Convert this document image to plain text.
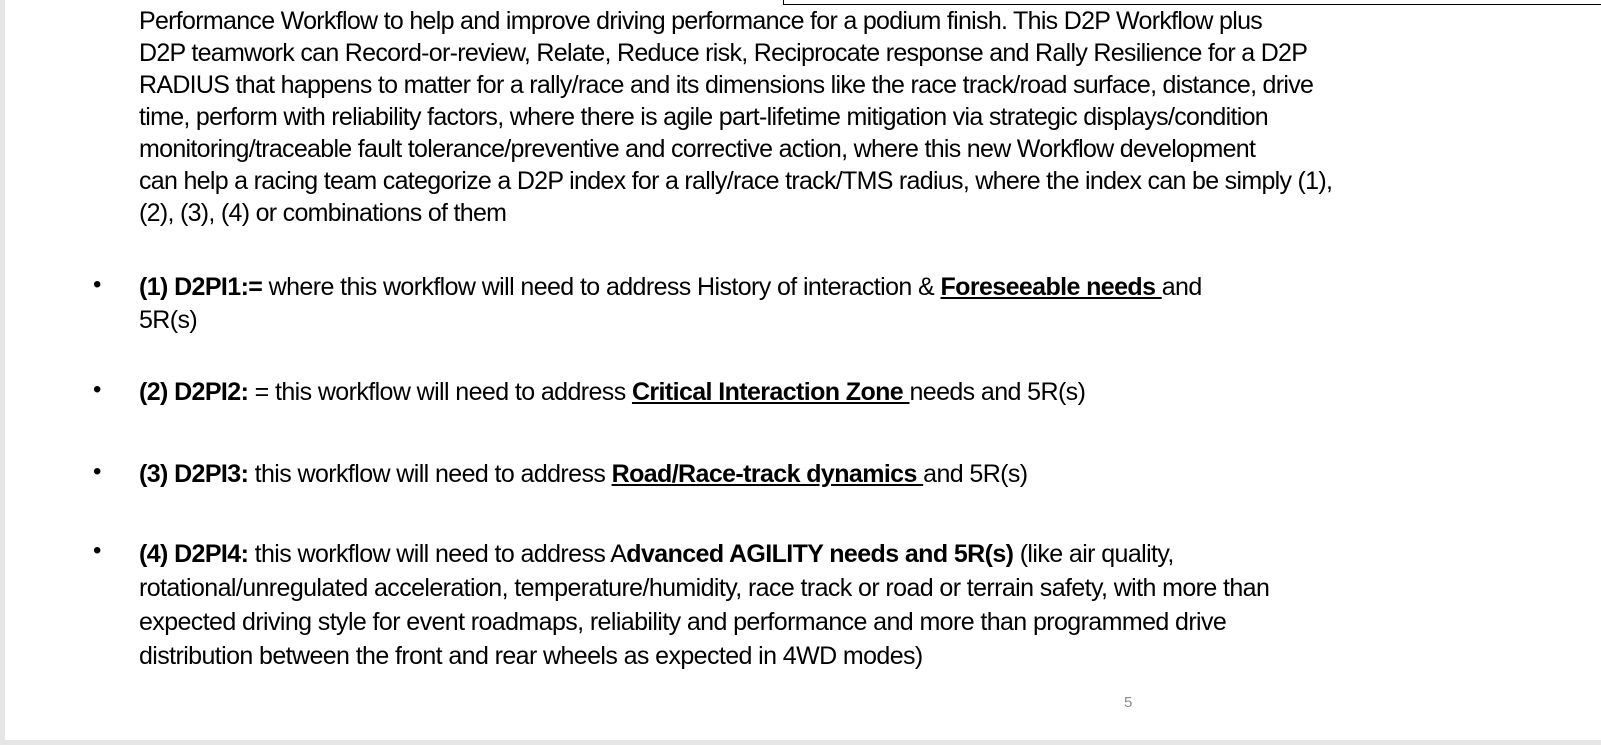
Performance Workflow to help and improve driving performance for a podium finish. This D2P Workflow plus
D2P teamwork can Record-or-review, Relate, Reduce risk, Reciprocate response and Rally Resilience for a D2P
RADIUS that happens to matter for a rally/race and its dimensions like the race track/road surface, distance, drive
time, perform with reliability factors, where there is agile part-lifetime mitigation via strategic displays/condition
monitoring/traceable fault tolerance/preventive and corrective action, where this new Workflow development
can help a racing team categorize a D2P index for a rally/race track/TMS radius, where the index can be simply (1),
(2), (3), (4) or combinations of them
• (1) D2PI1:= where this workflow will need to address History of interaction & Foreseeable needs and
5R(s)
• (2) D2PI2: = this workflow will need to address Critical Interaction Zone needs and 5R(s)
• (3) D2PI3: this workflow will need to address Road/Race-track dynamics and 5R(s)
• (4) D2PI4: this workflow will need to address Advanced AGILITY needs and 5R(s) (like air quality,
rotational/unregulated acceleration, temperature/humidity, race track or road or terrain safety, with more than
expected driving style for event roadmaps, reliability and performance and more than programmed drive
distribution between the front and rear wheels as expected in 4WD modes)
5
